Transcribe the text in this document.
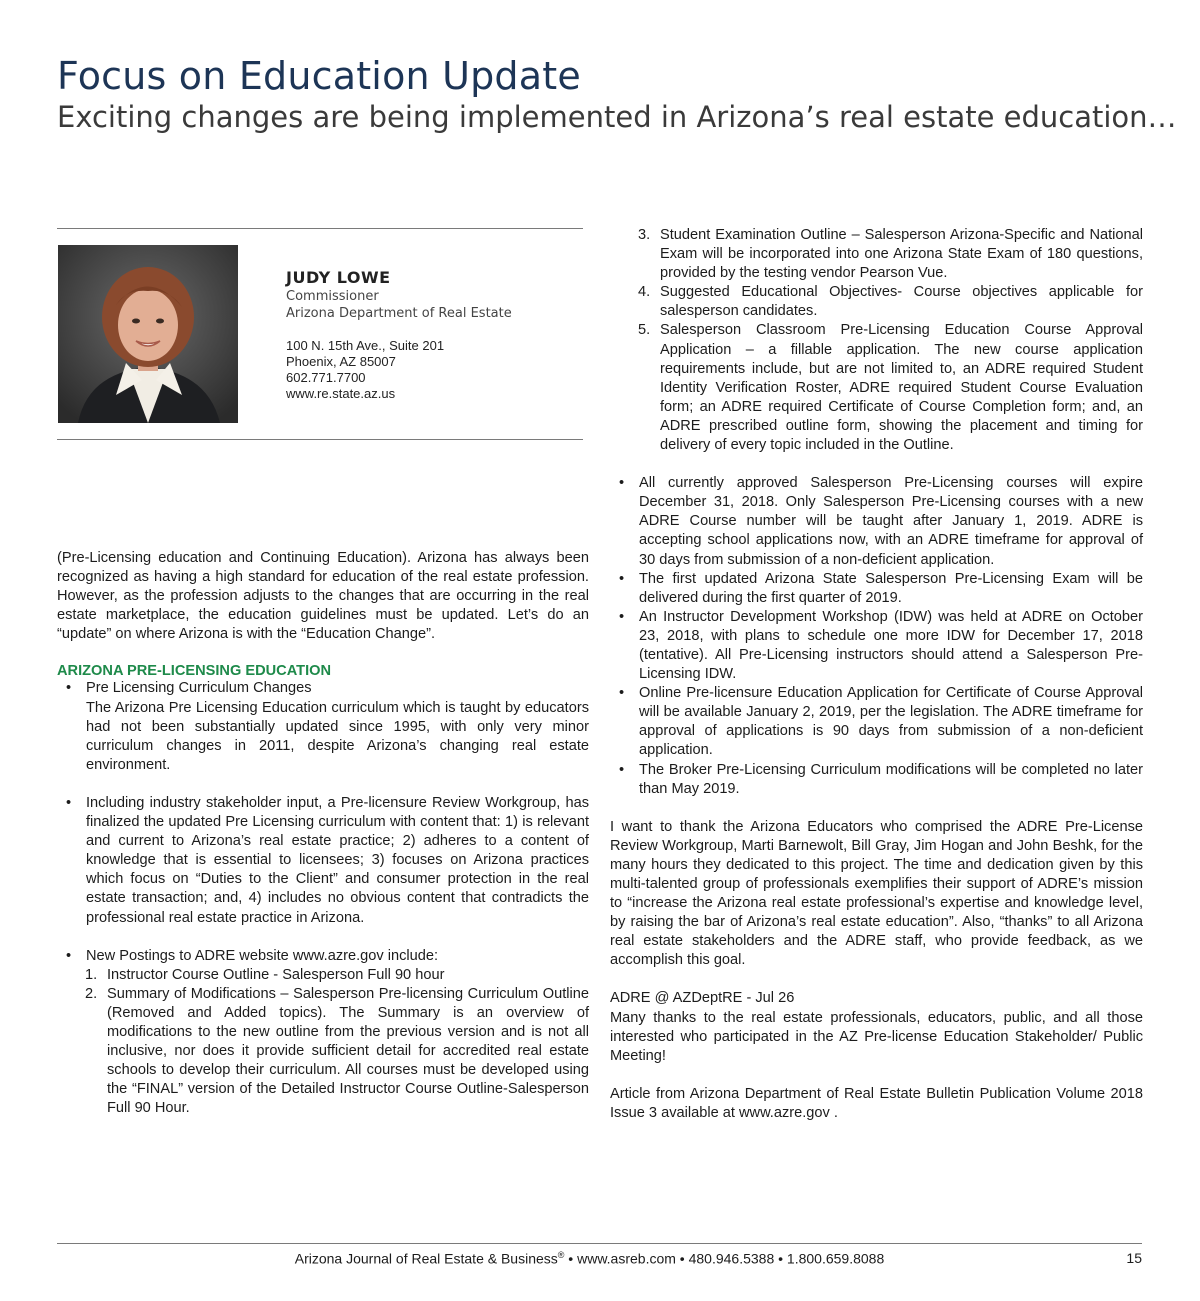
Focus on Education Update
Exciting changes are being implemented in Arizona’s real estate education…
JUDY LOWE
Commissioner
Arizona Department of Real Estate
100 N. 15th Ave., Suite 201
Phoenix, AZ 85007
602.771.7700
www.re.state.az.us

(Pre-Licensing education and Continuing Education). Arizona has always been recognized as having a high standard for education of the real estate profession. However, as the profession adjusts to the changes that are occurring in the real estate marketplace, the education guidelines must be updated. Let’s do an “update” on where Arizona is with the “Education Change”.

ARIZONA PRE-LICENSING EDUCATION
• Pre Licensing Curriculum Changes
The Arizona Pre Licensing Education curriculum which is taught by educators had not been substantially updated since 1995, with only very minor curriculum changes in 2011, despite Arizona’s changing real estate environment.
• Including industry stakeholder input, a Pre-licensure Review Workgroup, has finalized the updated Pre Licensing curriculum with content that: 1) is relevant and current to Arizona’s real estate practice; 2) adheres to a content of knowledge that is essential to licensees; 3) focuses on Arizona practices which focus on “Duties to the Client” and consumer protection in the real estate transaction; and, 4) includes no obvious content that contradicts the professional real estate practice in Arizona.
• New Postings to ADRE website www.azre.gov include:
1. Instructor Course Outline - Salesperson Full 90 hour
2. Summary of Modifications – Salesperson Pre-licensing Curriculum Outline (Removed and Added topics). The Summary is an overview of modifications to the new outline from the previous version and is not all inclusive, nor does it provide sufficient detail for accredited real estate schools to develop their curriculum. All courses must be developed using the “FINAL” version of the Detailed Instructor Course Outline-Salesperson Full 90 Hour.
3. Student Examination Outline – Salesperson Arizona-Specific and National Exam will be incorporated into one Arizona State Exam of 180 questions, provided by the testing vendor Pearson Vue.
4. Suggested Educational Objectives- Course objectives applicable for salesperson candidates.
5. Salesperson Classroom Pre-Licensing Education Course Approval Application – a fillable application. The new course application requirements include, but are not limited to, an ADRE required Student Identity Verification Roster, ADRE required Student Course Evaluation form; an ADRE required Certificate of Course Completion form; and, an ADRE prescribed outline form, showing the placement and timing for delivery of every topic included in the Outline.
• All currently approved Salesperson Pre-Licensing courses will expire December 31, 2018. Only Salesperson Pre-Licensing courses with a new ADRE Course number will be taught after January 1, 2019. ADRE is accepting school applications now, with an ADRE timeframe for approval of 30 days from submission of a non-deficient application.
• The first updated Arizona State Salesperson Pre-Licensing Exam will be delivered during the first quarter of 2019.
• An Instructor Development Workshop (IDW) was held at ADRE on October 23, 2018, with plans to schedule one more IDW for December 17, 2018 (tentative). All Pre-Licensing instructors should attend a Salesperson Pre-Licensing IDW.
• Online Pre-licensure Education Application for Certificate of Course Approval will be available January 2, 2019, per the legislation. The ADRE timeframe for approval of applications is 90 days from submission of a non-deficient application.
• The Broker Pre-Licensing Curriculum modifications will be completed no later than May 2019.

I want to thank the Arizona Educators who comprised the ADRE Pre-License Review Workgroup, Marti Barnewolt, Bill Gray, Jim Hogan and John Beshk, for the many hours they dedicated to this project. The time and dedication given by this multi-talented group of professionals exemplifies their support of ADRE’s mission to “increase the Arizona real estate professional’s expertise and knowledge level, by raising the bar of Arizona’s real estate education”. Also, “thanks” to all Arizona real estate stakeholders and the ADRE staff, who provide feedback, as we accomplish this goal.

ADRE @ AZDeptRE - Jul 26

Many thanks to the real estate professionals, educators, public, and all those interested who participated in the AZ Pre-license Education Stakeholder/ Public Meeting!

Article from Arizona Department of Real Estate Bulletin Publication Volume 2018 Issue 3 available at www.azre.gov .

Arizona Journal of Real Estate & Business® • www.asreb.com • 480.946.5388 • 1.800.659.8088	15
